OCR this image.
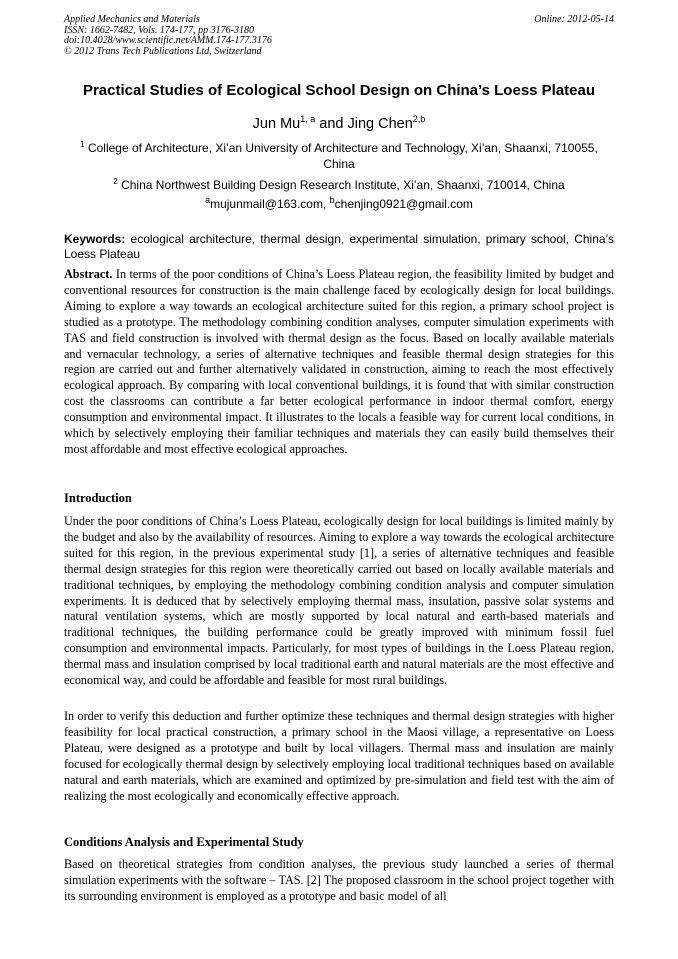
Applied Mechanics and Materials
ISSN: 1662-7482, Vols. 174-177, pp 3176-3180
doi:10.4028/www.scientific.net/AMM.174-177.3176
© 2012 Trans Tech Publications Ltd, Switzerland
Online: 2012-05-14
Practical Studies of Ecological School Design on China’s Loess Plateau
Jun Mu$^{1, a}$ and Jing Chen$^{2,b}$
$^1$ College of Architecture, Xi’an University of Architecture and Technology, Xi’an, Shaanxi, 710055, China
$^2$ China Northwest Building Design Research Institute, Xi’an, Shaanxi, 710014, China
$^a$mujunmail@163.com, $^b$chenjing0921@gmail.com
Keywords: ecological architecture, thermal design, experimental simulation, primary school, China’s Loess Plateau
Abstract. In terms of the poor conditions of China’s Loess Plateau region, the feasibility limited by budget and conventional resources for construction is the main challenge faced by ecologically design for local buildings. Aiming to explore a way towards an ecological architecture suited for this region, a primary school project is studied as a prototype. The methodology combining condition analyses, computer simulation experiments with TAS and field construction is involved with thermal design as the focus. Based on locally available materials and vernacular technology, a series of alternative techniques and feasible thermal design strategies for this region are carried out and further alternatively validated in construction, aiming to reach the most effectively ecological approach. By comparing with local conventional buildings, it is found that with similar construction cost the classrooms can contribute a far better ecological performance in indoor thermal comfort, energy consumption and environmental impact. It illustrates to the locals a feasible way for current local conditions, in which by selectively employing their familiar techniques and materials they can easily build themselves their most affordable and most effective ecological approaches.
Introduction
Under the poor conditions of China’s Loess Plateau, ecologically design for local buildings is limited mainly by the budget and also by the availability of resources. Aiming to explore a way towards the ecological architecture suited for this region, in the previous experimental study [1], a series of alternative techniques and feasible thermal design strategies for this region were theoretically carried out based on locally available materials and traditional techniques, by employing the methodology combining condition analysis and computer simulation experiments. It is deduced that by selectively employing thermal mass, insulation, passive solar systems and natural ventilation systems, which are mostly supported by local natural and earth-based materials and traditional techniques, the building performance could be greatly improved with minimum fossil fuel consumption and environmental impacts. Particularly, for most types of buildings in the Loess Plateau region, thermal mass and insulation comprised by local traditional earth and natural materials are the most effective and economical way, and could be affordable and feasible for most rural buildings.
In order to verify this deduction and further optimize these techniques and thermal design strategies with higher feasibility for local practical construction, a primary school in the Maosi village, a representative on Loess Plateau, were designed as a prototype and built by local villagers. Thermal mass and insulation are mainly focused for ecologically thermal design by selectively employing local traditional techniques based on available natural and earth materials, which are examined and optimized by pre-simulation and field test with the aim of realizing the most ecologically and economically effective approach.
Conditions Analysis and Experimental Study
Based on theoretical strategies from condition analyses, the previous study launched a series of thermal simulation experiments with the software – TAS. [2] The proposed classroom in the school project together with its surrounding environment is employed as a prototype and basic model of all
